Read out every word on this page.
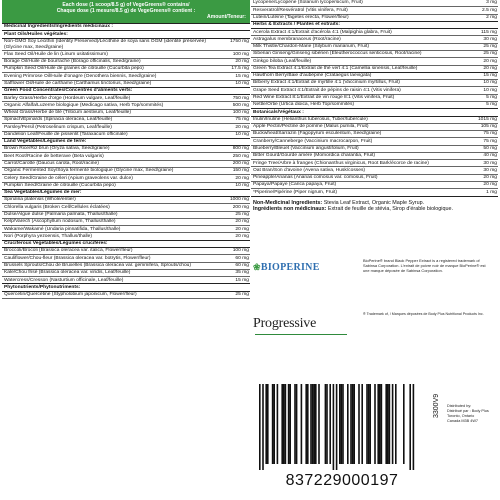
Each dose (1 scoop/8.5 g) of VegeGreens® contains/
Chaque dose (1 mesure/8.5 g) de VegeGreens® contient :
Amount/Teneur:
Medicinal Ingredients/Ingrédients médicinaux :
Plant Oils/Huiles végétales:
Non-GMO Soy Lecithin (Identity Preserved)/Lécithine de soya sans OGM (identité préservée) (Glycine max, Seed/graine)
1750 mg
Flax Seed Oil/Huile de lin (Linum usitatissimum)	100 mg
Borage Oil/Huile de bourrache (Borago officinalis, Seed/graine)	20 mg
Pumpkin Seed Oil/Huile de graines de citrouille (Cucurbita pepo)	17.5 mg
Evening Primrose Oil/Huile d'onagre (Oenothera biennis, Seed/graine)	15 mg
Safflower Oil/Huile de carthame (Carthamus tinctorius, Seed/graine)	10 mg
Green Food Concentrates/Concentrés d'aliments verts:
Barley Grass/Herbe d'orge (Hordeum vulgare, Leaf/feuille)	750 mg
Organic Alfalfa/Luzerne biologique (Medicago sativa, Herb Top/sommités)	500 mg
Wheat Grass/Herbe de blé (Triticum aestivum, Leaf/feuille)	100 mg
Spinach/Epinards (Spinacia oleracea, Leaf/feuille)	75 mg
Parsley/Persil (Petroselinum crispum, Leaf/feuille)	20 mg
Dandelion Leaf/Feuille de pissenlit (Taraxacum officinale)	10 mg
Land Vegetables/Légumes de terre:
Brown Rice/Riz brun (Oryza sativa, Seed/graine)	800 mg
Beet Root/Racine de betterave (Beta vulgaris)	250 mg
Carrot/Carotte (Daucus carota, Root/racine)	200 mg
Organic Fermented Soy/Soya fermenté biologique (Glycine max, Seed/graine)	150 mg
Celery Seed/Graine de céleri (Apium graveolens var. dulce)	20 mg
Pumpkin Seed/Graine de citrouille (Cucurbita pepo)	10 mg
Sea Vegetables/Légumes de mer:
Spirulina platensis (Whole/entier)	1000 mg
Chlorella vulgaris (Broken Cell/Cellules éclatées)	200 mg
Dulse/Algue dulse (Palmaria palmata, Thallus/thalle)	25 mg
Kelp/Varech (Ascophyllum nodosum, Thallus/thalle)	20 mg
Wakame/Wakamé (Undaria pinnatifida, Thallus/thalle)	20 mg
Nori (Porphyra yezoensis, Thallus/thalle)	20 mg
Cruciferous Vegetables/Légumes crucifères:
Broccoli/Brocoli (Brassica oleracea var. italica, Flower/fleur)	100 mg
Cauliflower/Chou-fleur (Brassica oleracea var. botrytis, Flower/fleur)	60 mg
Brussels Sprouts/Chou de Bruxelles (Brassica oleracea var. gemmifera, Sprouts/chou)	60 mg
Kale/Chou frisé (Brassica oleracea var. viridis, Leaf/feuille)	35 mg
Watercress/Cresson (Nasturtium officinale, Leaf/feuille)	15 mg
Phytonutrients/Phytonutriments:
Quercetin/Quercétine (Stypholobium japonicum, Flower/fleur)	25 mg
Lycopene/Lycopène (Solanum lycopersicum, Fruit)	3 mg
Resveratrol/Resvératrol (Vitis vinifera, Fruit)	2.5 mg
Lutein/Lutéine (Tagetes erecta, Flower/fleur)	2 mg
Herbs & Extracts / Plantes et extraits:
Acerola Extract 4:1/Extrait d'acérola 4:1 (Malpighia glabra, Fruit)	115 mg
Astragalus membranaceus (Root/racine)	30 mg
Milk Thistle/Chardon-Marie (Silybum marianum, Fruit)	25 mg
Siberian Ginseng/Ginseng sibérien (Eleutherococcus senticosus, Root/racine)	25 mg
Ginkgo biloba (Leaf/feuille)	20 mg
Green Tea Extract 4:1/Extrait de thé vert 4:1 (Camellia sinensis, Leaf/feuille)	20 mg
Hawthorn Berry/Baie d'aubépine (Crataegus laevigata)	15 mg
Bilberry Extract 4:1/Extrait de myrtille 4:1 (Vaccinium myrtillus, Fruit)	10 mg
Grape Seed Extract 4:1/Extrait de pépins de raisin 4:1 (Vitis vinifera)	10 mg
Red Wine Extract 8:1/Extrait de vin rouge 8:1 (Vitis vinifera, Fruit)	5 mg
Nettle/Ortie (Urtica dioica, Herb Top/sommités)	5 mg
Botanicals/Végétaux :
Inulin/Inuline (Helianthus tuberosus, Tuber/tubercule)	1015 mg
Apple Pectin/Pectine de pomme (Malus pumila, Fruit)	105 mg
Buckwheat/Sarrazin (Fagopyrum esculentum, Seed/graine)	75 mg
Cranberry/Canneberge (Vaccinium macrocarpon, Fruit)	75 mg
Blueberry/Bleuet (Vaccinium angustifolium, Fruit)	50 mg
Bitter Gourd/Gourde amère (Momordica charantia, Fruit)	40 mg
Fringe Tree/Arbre à franges (Chionanthus virginicus, Root Bark/écorce de racine)	30 mg
Oat Bran/Son d'avoine (Avena sativa, Husk/cosses)	30 mg
Pineapple/Ananas (Ananas comosus var. comosus, Fruit)	20 mg
Papaya/Papaye (Carica papaya, Fruit)	20 mg
*Piperine/Pipérine (Piper nigrum, Fruit)	1 mg
Non-Medicinal Ingredients: Stevia Leaf Extract, Organic Maple Syrup.
Ingrédients non médicinaux: Extrait de feuille de stévia, Sirop d'érable biologique.
❀BIOPERINE
BioPerine® brand Black Pepper Extract is a registered trademark of Sabinsa Corporation. L'extrait de poivre noir de marque BioPerine® est une marque déposée de Sabinsa Corporation.
Progressive
® Trademark of, / Marques déposées de Body Plus Nutritional Products Inc.
837229000197
3300V9 Distributed by:
Distribué par : Body Plus
Toronto, Ontario
Canada M3B 4W7
